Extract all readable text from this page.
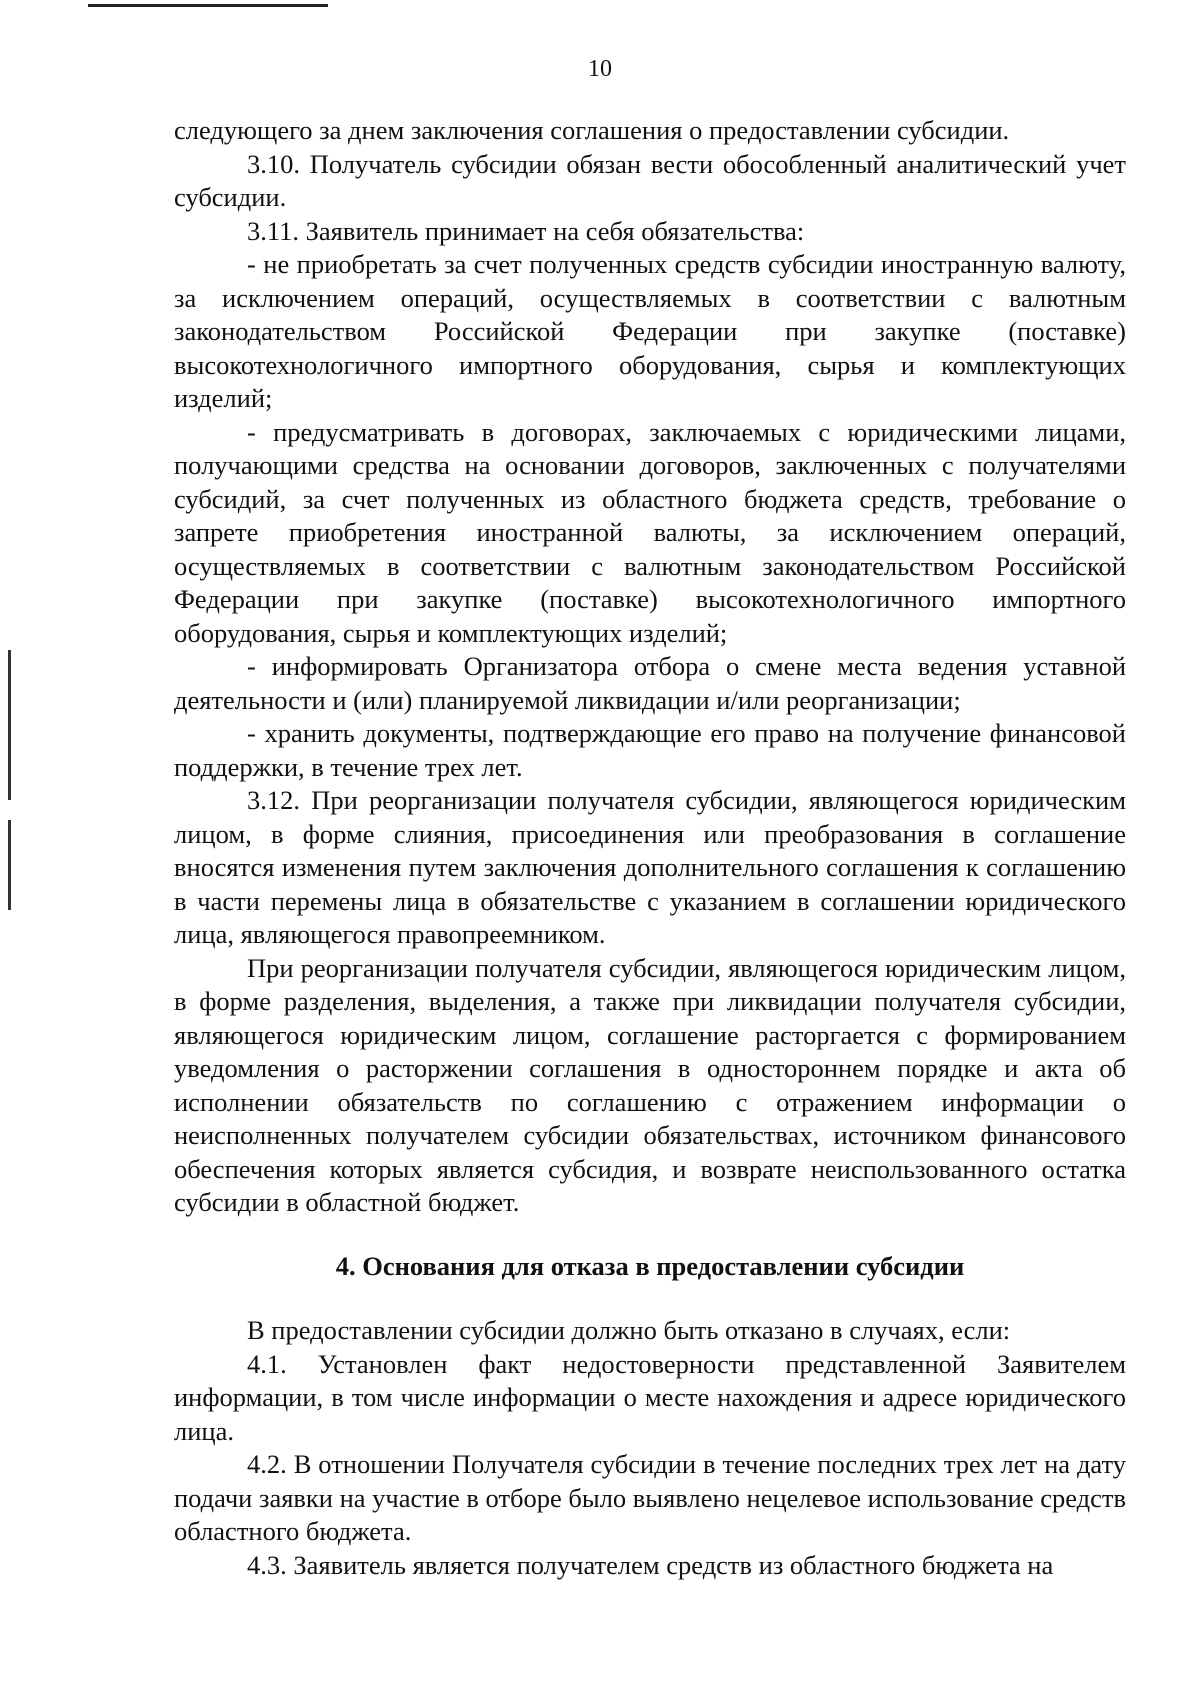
10

следующего за днем заключения соглашения о предоставлении субсидии.

3.10. Получатель субсидии обязан вести обособленный аналитический учет субсидии.

3.11. Заявитель принимает на себя обязательства:

- не приобретать за счет полученных средств субсидии иностранную валюту, за исключением операций, осуществляемых в соответствии с валютным законодательством Российской Федерации при закупке (поставке) высокотехнологичного импортного оборудования, сырья и комплектующих изделий;

- предусматривать в договорах, заключаемых с юридическими лицами, получающими средства на основании договоров, заключенных с получателями субсидий, за счет полученных из областного бюджета средств, требование о запрете приобретения иностранной валюты, за исключением операций, осуществляемых в соответствии с валютным законодательством Российской Федерации при закупке (поставке) высокотехнологичного импортного оборудования, сырья и комплектующих изделий;

- информировать Организатора отбора о смене места ведения уставной деятельности и (или) планируемой ликвидации и/или реорганизации;

- хранить документы, подтверждающие его право на получение финансовой поддержки, в течение трех лет.

3.12. При реорганизации получателя субсидии, являющегося юридическим лицом, в форме слияния, присоединения или преобразования в соглашение вносятся изменения путем заключения дополнительного соглашения к соглашению в части перемены лица в обязательстве с указанием в соглашении юридического лица, являющегося правопреемником.

При реорганизации получателя субсидии, являющегося юридическим лицом, в форме разделения, выделения, а также при ликвидации получателя субсидии, являющегося юридическим лицом, соглашение расторгается с формированием уведомления о расторжении соглашения в одностороннем порядке и акта об исполнении обязательств по соглашению с отражением информации о неисполненных получателем субсидии обязательствах, источником финансового обеспечения которых является субсидия, и возврате неиспользованного остатка субсидии в областной бюджет.

4. Основания для отказа в предоставлении субсидии

В предоставлении субсидии должно быть отказано в случаях, если:

4.1. Установлен факт недостоверности представленной Заявителем информации, в том числе информации о месте нахождения и адресе юридического лица.

4.2. В отношении Получателя субсидии в течение последних трех лет на дату подачи заявки на участие в отборе было выявлено нецелевое использование средств областного бюджета.

4.3. Заявитель является получателем средств из областного бюджета на
